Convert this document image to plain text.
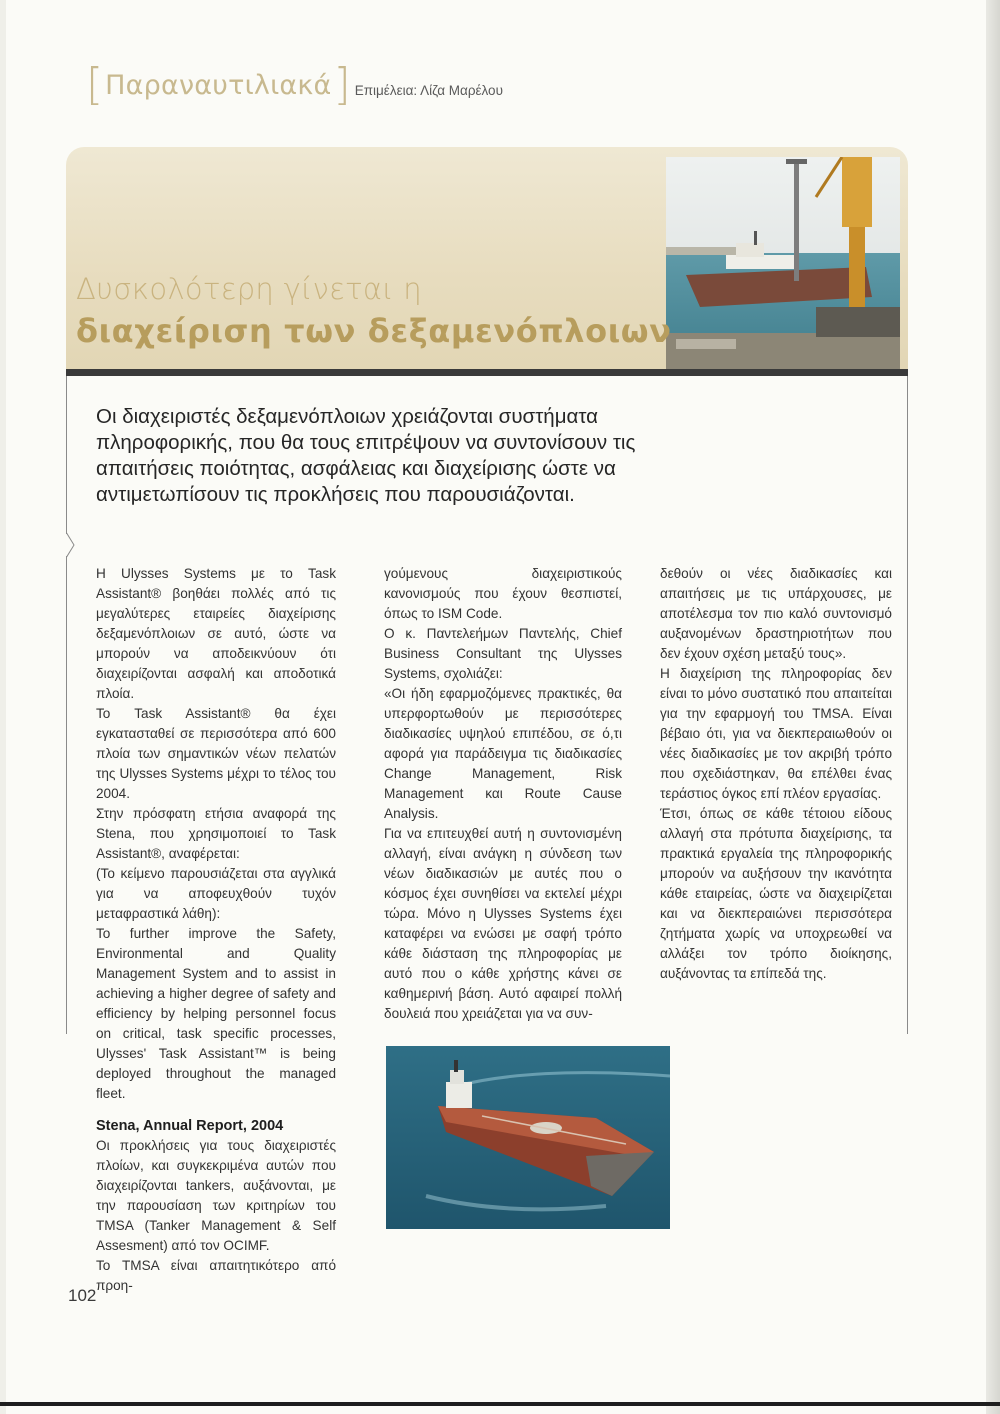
[ Παραναυτιλιακά ] Επιμέλεια: Λίζα Μαρέλου
Δυσκολότερη γίνεται η
διαχείριση των δεξαμενόπλοιων
Οι διαχειριστές δεξαμενόπλοιων χρειάζονται συστήματα πληροφορικής, που θα τους επιτρέψουν να συντονίσουν τις απαιτήσεις ποιότητας, ασφάλειας και διαχείρισης ώστε να αντιμετωπίσουν τις προκλήσεις που παρουσιάζονται.

Η Ulysses Systems με το Task Assistant® βοηθάει πολλές από τις μεγαλύτερες εταιρείες διαχείρισης δεξαμενόπλοιων σε αυτό, ώστε να μπορούν να αποδεικνύουν ότι διαχειρίζονται ασφαλή και αποδοτικά πλοία.

Το Task Assistant® θα έχει εγκατασταθεί σε περισσότερα από 600 πλοία των σημαντικών νέων πελατών της Ulysses Systems μέχρι το τέλος του 2004.

Στην πρόσφατη ετήσια αναφορά της Stena, που χρησιμοποιεί το Task Assistant®, αναφέρεται:

(Το κείμενο παρουσιάζεται στα αγγλικά για να αποφευχθούν τυχόν μεταφραστικά λάθη):

To further improve the Safety, Environmental and Quality Management System and to assist in achieving a higher degree of safety and efficiency by helping personnel focus on critical, task specific processes, Ulysses' Task Assistant™ is being deployed throughout the managed fleet.

Stena, Annual Report, 2004

Οι προκλήσεις για τους διαχειριστές πλοίων, και συγκεκριμένα αυτών που διαχειρίζονται tankers, αυξάνονται, με την παρουσίαση των κριτηρίων του TMSA (Tanker Management & Self Assesment) από τον OCIMF.

To TMSA είναι απαιτητικότερο από προη-

γούμενους διαχειριστικούς κανονισμούς που έχουν θεσπιστεί, όπως το ISM Code.

Ο κ. Παντελεήμων Παντελής, Chief Business Consultant της Ulysses Systems, σχολιάζει:

«Οι ήδη εφαρμοζόμενες πρακτικές, θα υπερφορτωθούν με περισσότερες διαδικασίες υψηλού επιπέδου, σε ό,τι αφορά για παράδειγμα τις διαδικασίες Change Management, Risk Management και Route Cause Analysis.

Για να επιτευχθεί αυτή η συντονισμένη αλλαγή, είναι ανάγκη η σύνδεση των νέων διαδικασιών με αυτές που ο κόσμος έχει συνηθίσει να εκτελεί μέχρι τώρα. Μόνο η Ulysses Systems έχει καταφέρει να ενώσει με σαφή τρόπο κάθε διάσταση της πληροφορίας με αυτό που ο κάθε χρήστης κάνει σε καθημερινή βάση. Αυτό αφαιρεί πολλή δουλειά που χρειάζεται για να συν-

δεθούν οι νέες διαδικασίες και απαιτήσεις με τις υπάρχουσες, με αποτέλεσμα τον πιο καλό συντονισμό αυξανομένων δραστηριοτήτων που δεν έχουν σχέση μεταξύ τους».

Η διαχείριση της πληροφορίας δεν είναι το μόνο συστατικό που απαιτείται για την εφαρμογή του TMSA. Είναι βέβαιο ότι, για να διεκπεραιωθούν οι νέες διαδικασίες με τον ακριβή τρόπο που σχεδιάστηκαν, θα επέλθει ένας τεράστιος όγκος επί πλέον εργασίας.

Έτσι, όπως σε κάθε τέτοιου είδους αλλαγή στα πρότυπα διαχείρισης, τα πρακτικά εργαλεία της πληροφορικής μπορούν να αυξήσουν την ικανότητα κάθε εταιρείας, ώστε να διαχειρίζεται και να διεκπεραιώνει περισσότερα ζητήματα χωρίς να υποχρεωθεί να αλλάξει τον τρόπο διοίκησης, αυξάνοντας τα επίπεδά της.

102
